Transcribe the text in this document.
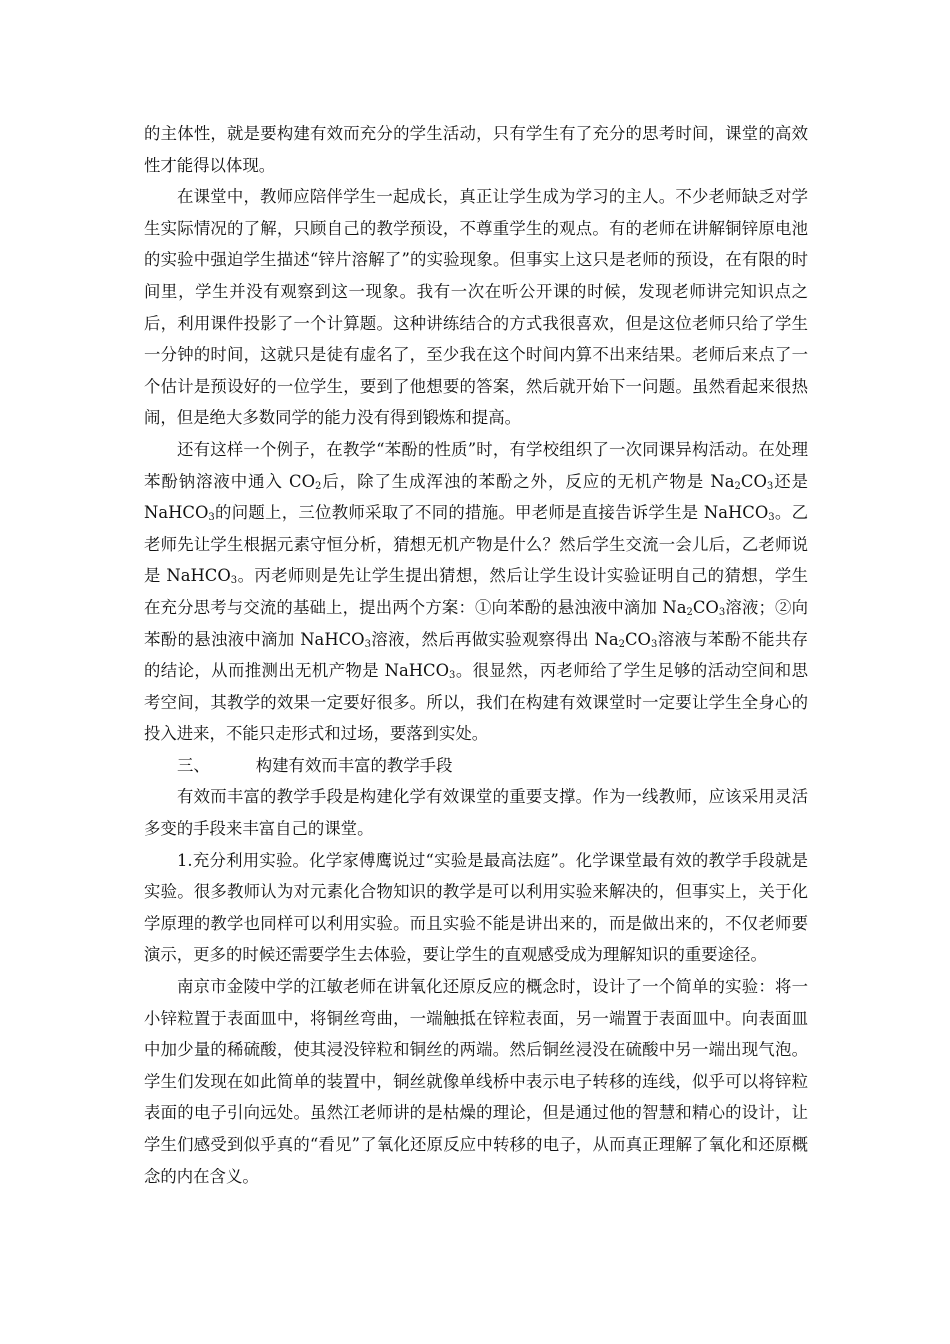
的主体性，就是要构建有效而充分的学生活动，只有学生有了充分的思考时间，课堂的高效性才能得以体现。

在课堂中，教师应陪伴学生一起成长，真正让学生成为学习的主人。不少老师缺乏对学生实际情况的了解，只顾自己的教学预设，不尊重学生的观点。有的老师在讲解铜锌原电池的实验中强迫学生描述“锌片溶解了”的实验现象。但事实上这只是老师的预设，在有限的时间里，学生并没有观察到这一现象。我有一次在听公开课的时候，发现老师讲完知识点之后，利用课件投影了一个计算题。这种讲练结合的方式我很喜欢，但是这位老师只给了学生一分钟的时间，这就只是徒有虚名了，至少我在这个时间内算不出来结果。老师后来点了一个估计是预设好的一位学生，要到了他想要的答案，然后就开始下一问题。虽然看起来很热闹，但是绝大多数同学的能力没有得到锻炼和提高。

还有这样一个例子，在教学“苯酚的性质”时，有学校组织了一次同课异构活动。在处理苯酚钠溶液中通入 $CO_2$后，除了生成浑浊的苯酚之外，反应的无机产物是 $Na_2CO_3$还是 NaHCO$_3$的问题上，三位教师采取了不同的措施。甲老师是直接告诉学生是 NaHCO$_3$。乙老师先让学生根据元素守恒分析，猜想无机产物是什么？然后学生交流一会儿后，乙老师说是 NaHCO$_3$。丙老师则是先让学生提出猜想，然后让学生设计实验证明自己的猜想，学生在充分思考与交流的基础上，提出两个方案：①向苯酚的悬浊液中滴加 $Na_2CO_3$溶液；②向苯酚的悬浊液中滴加 NaHCO$_3$溶液，然后再做实验观察得出 $Na_2CO_3$溶液与苯酚不能共存的结论，从而推测出无机产物是 NaHCO$_3$。很显然，丙老师给了学生足够的活动空间和思考空间，其教学的效果一定要好很多。所以，我们在构建有效课堂时一定要让学生全身心的投入进来，不能只走形式和过场，要落到实处。

三、	构建有效而丰富的教学手段

有效而丰富的教学手段是构建化学有效课堂的重要支撑。作为一线教师，应该采用灵活多变的手段来丰富自己的课堂。

1.充分利用实验。化学家傅鹰说过“实验是最高法庭”。化学课堂最有效的教学手段就是实验。很多教师认为对元素化合物知识的教学是可以利用实验来解决的，但事实上，关于化学原理的教学也同样可以利用实验。而且实验不能是讲出来的，而是做出来的，不仅老师要演示，更多的时候还需要学生去体验，要让学生的直观感受成为理解知识的重要途径。

南京市金陵中学的江敏老师在讲氧化还原反应的概念时，设计了一个简单的实验：将一小锌粒置于表面皿中，将铜丝弯曲，一端触抵在锌粒表面，另一端置于表面皿中。向表面皿中加少量的稀硫酸，使其浸没锌粒和铜丝的两端。然后铜丝浸没在硫酸中另一端出现气泡。学生们发现在如此简单的装置中，铜丝就像单线桥中表示电子转移的连线，似乎可以将锌粒表面的电子引向远处。虽然江老师讲的是枯燥的理论，但是通过他的智慧和精心的设计，让学生们感受到似乎真的“看见”了氧化还原反应中转移的电子，从而真正理解了氧化和还原概念的内在含义。
